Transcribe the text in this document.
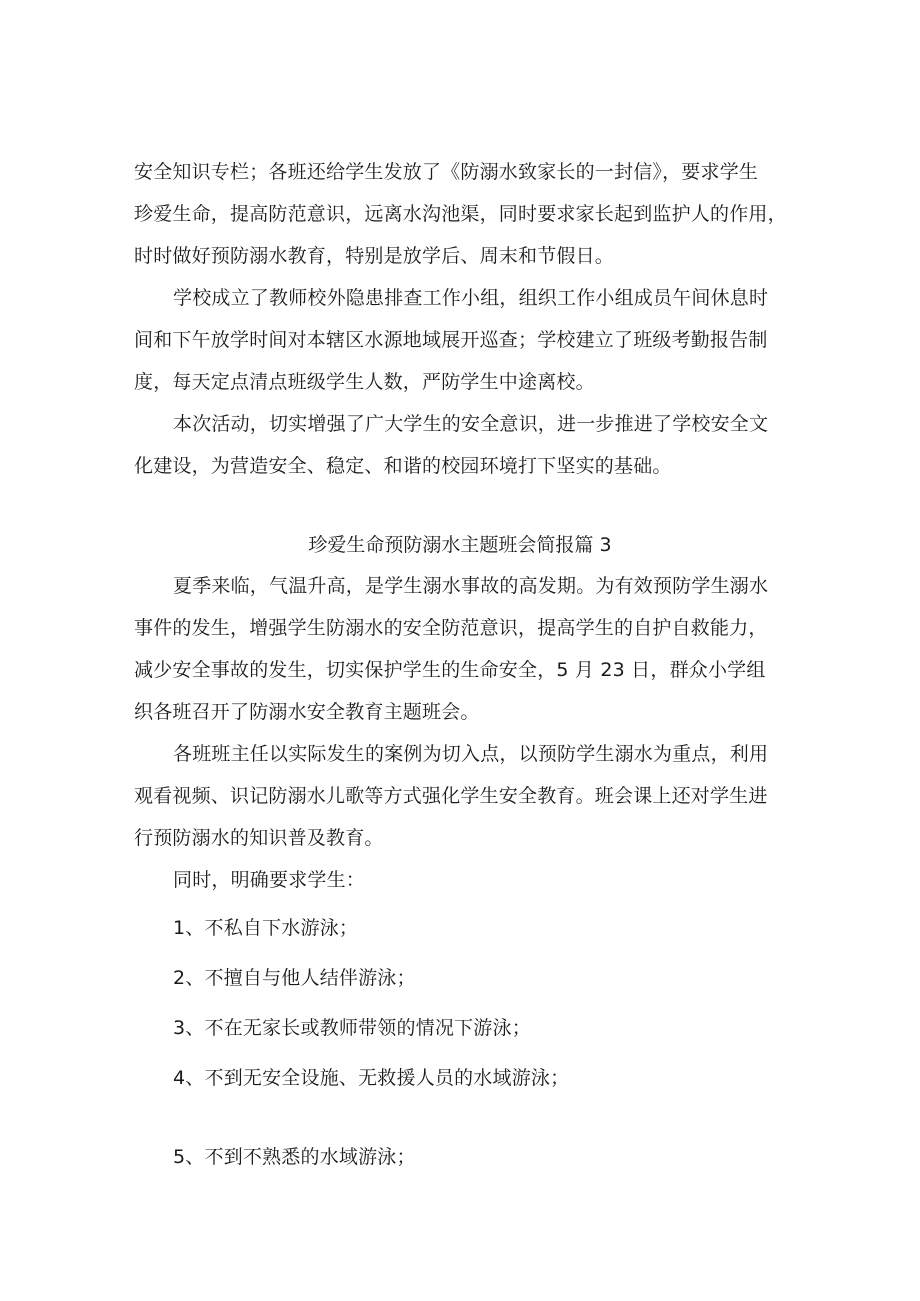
安全知识专栏；各班还给学生发放了《防溺水致家长的一封信》，要求学生
珍爱生命，提高防范意识，远离水沟池渠，同时要求家长起到监护人的作用，
时时做好预防溺水教育，特别是放学后、周末和节假日。
学校成立了教师校外隐患排查工作小组，组织工作小组成员午间休息时
间和下午放学时间对本辖区水源地域展开巡查；学校建立了班级考勤报告制
度，每天定点清点班级学生人数，严防学生中途离校。
本次活动，切实增强了广大学生的安全意识，进一步推进了学校安全文
化建设，为营造安全、稳定、和谐的校园环境打下坚实的基础。
珍爱生命预防溺水主题班会简报篇 3
夏季来临，气温升高，是学生溺水事故的高发期。为有效预防学生溺水
事件的发生，增强学生防溺水的安全防范意识，提高学生的自护自救能力，
减少安全事故的发生，切实保护学生的生命安全，5 月 23 日，群众小学组
织各班召开了防溺水安全教育主题班会。
各班班主任以实际发生的案例为切入点，以预防学生溺水为重点，利用
观看视频、识记防溺水儿歌等方式强化学生安全教育。班会课上还对学生进
行预防溺水的知识普及教育。
同时，明确要求学生：
1、不私自下水游泳；
2、不擅自与他人结伴游泳；
3、不在无家长或教师带领的情况下游泳；
4、不到无安全设施、无救援人员的水域游泳；
5、不到不熟悉的水域游泳；
